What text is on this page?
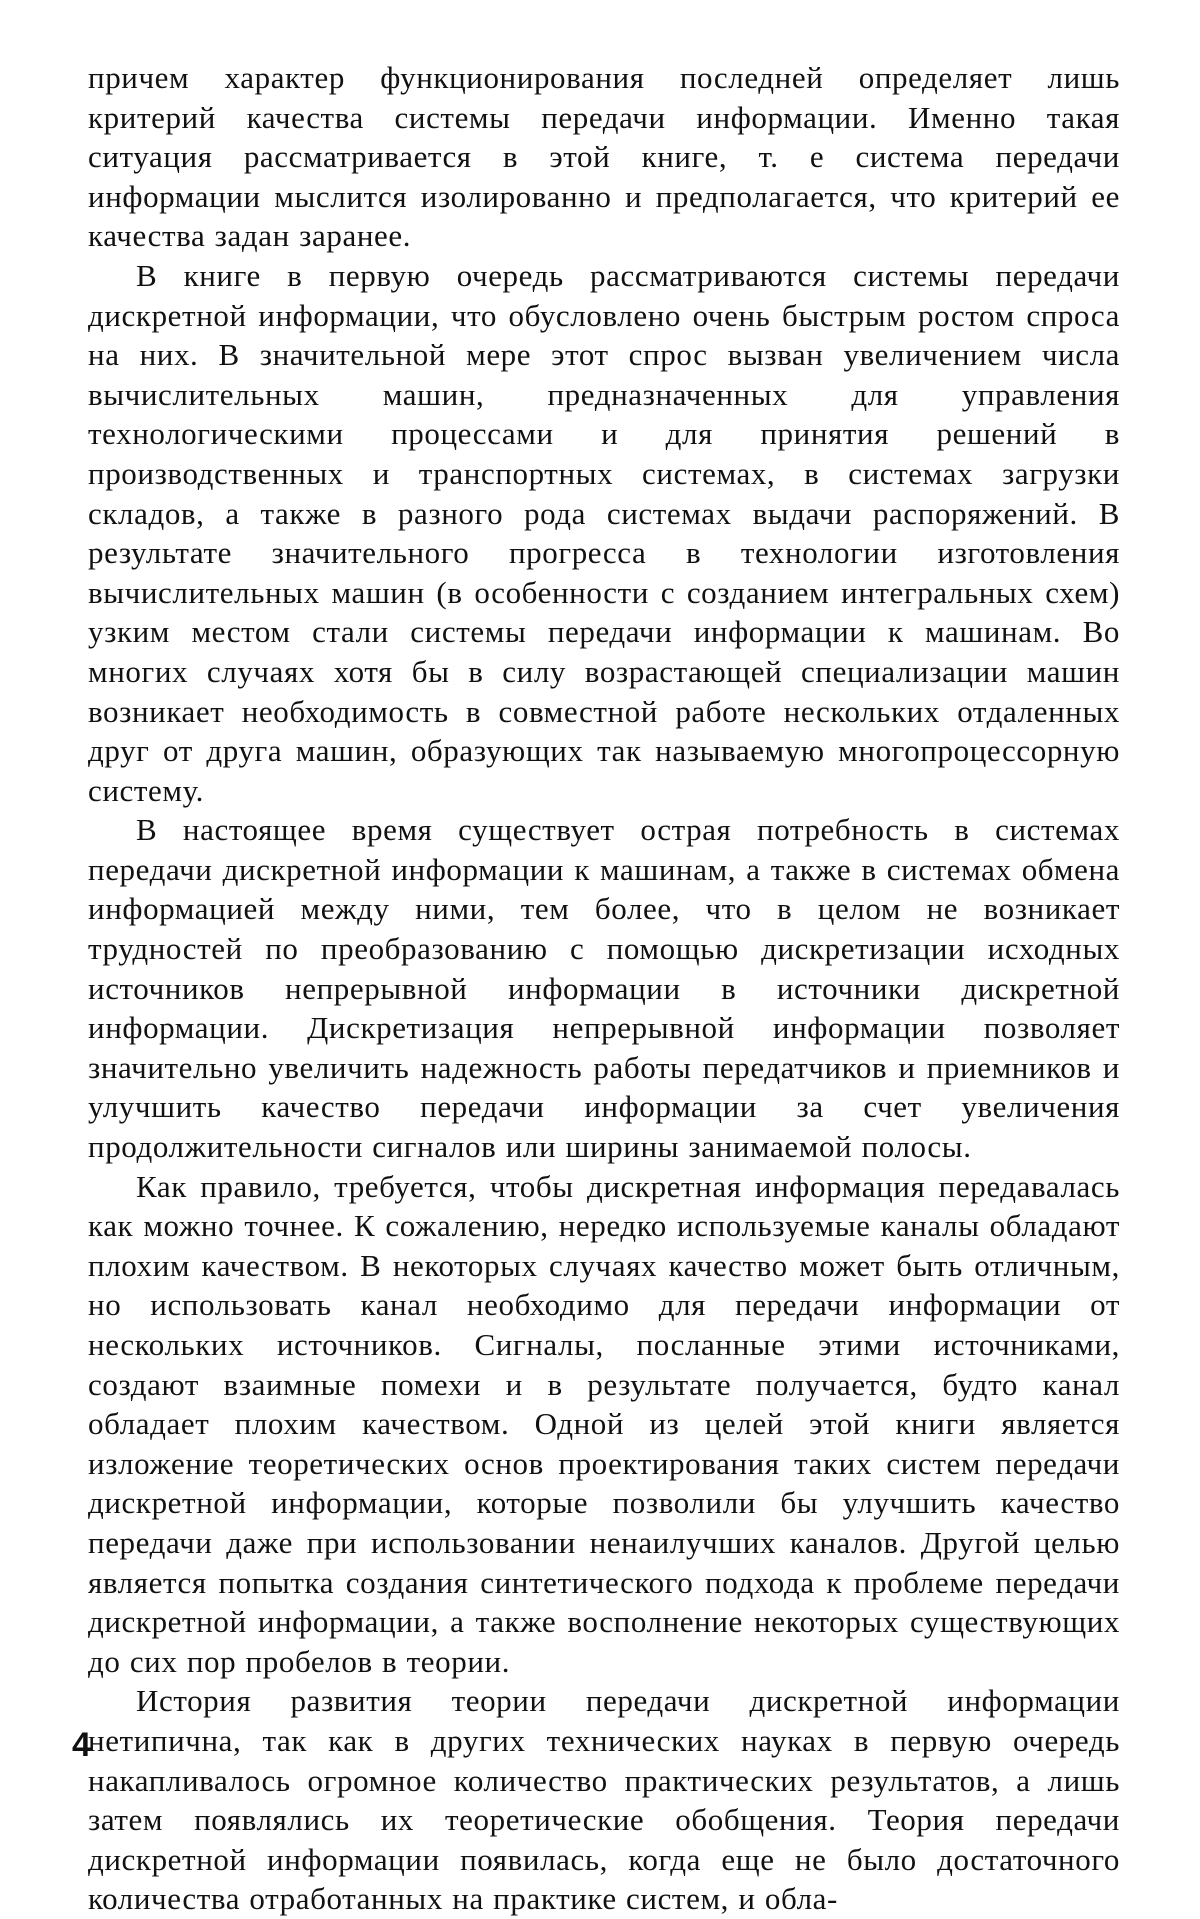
причем характер функционирования последней определяет лишь критерий качества системы передачи информации. Именно такая ситуация рассматривается в этой книге, т. е система передачи информации мыслится изолированно и предполагается, что критерий ее качества задан заранее.

В книге в первую очередь рассматриваются системы передачи дискретной информации, что обусловлено очень быстрым ростом спроса на них. В значительной мере этот спрос вызван увеличением числа вычислительных машин, предназначенных для управления технологическими процессами и для принятия решений в производственных и транспортных системах, в системах загрузки складов, а также в разного рода системах выдачи распоряжений. В результате значительного прогресса в технологии изготовления вычислительных машин (в особенности с созданием интегральных схем) узким местом стали системы передачи информации к машинам. Во многих случаях хотя бы в силу возрастающей специализации машин возникает необходимость в совместной работе нескольких отдаленных друг от друга машин, образующих так называемую многопроцессорную систему.

В настоящее время существует острая потребность в системах передачи дискретной информации к машинам, а также в системах обмена информацией между ними, тем более, что в целом не возникает трудностей по преобразованию с помощью дискретизации исходных источников непрерывной информации в источники дискретной информации. Дискретизация непрерывной информации позволяет значительно увеличить надежность работы передатчиков и приемников и улучшить качество передачи информации за счет увеличения продолжительности сигналов или ширины занимаемой полосы.

Как правило, требуется, чтобы дискретная информация передавалась как можно точнее. К сожалению, нередко используемые каналы обладают плохим качеством. В некоторых случаях качество может быть отличным, но использовать канал необходимо для передачи информации от нескольких источников. Сигналы, посланные этими источниками, создают взаимные помехи и в результате получается, будто канал обладает плохим качеством. Одной из целей этой книги является изложение теоретических основ проектирования таких систем передачи дискретной информации, которые позволили бы улучшить качество передачи даже при использовании ненаилучших каналов. Другой целью является попытка создания синтетического подхода к проблеме передачи дискретной информации, а также восполнение некоторых существующих до сих пор пробелов в теории.

История развития теории передачи дискретной информации нетипична, так как в других технических науках в первую очередь накапливалось огромное количество практических результатов, а лишь затем появлялись их теоретические обобщения. Теория передачи дискретной информации появилась, когда еще не было достаточного количества отработанных на практике систем, и обла-

4
